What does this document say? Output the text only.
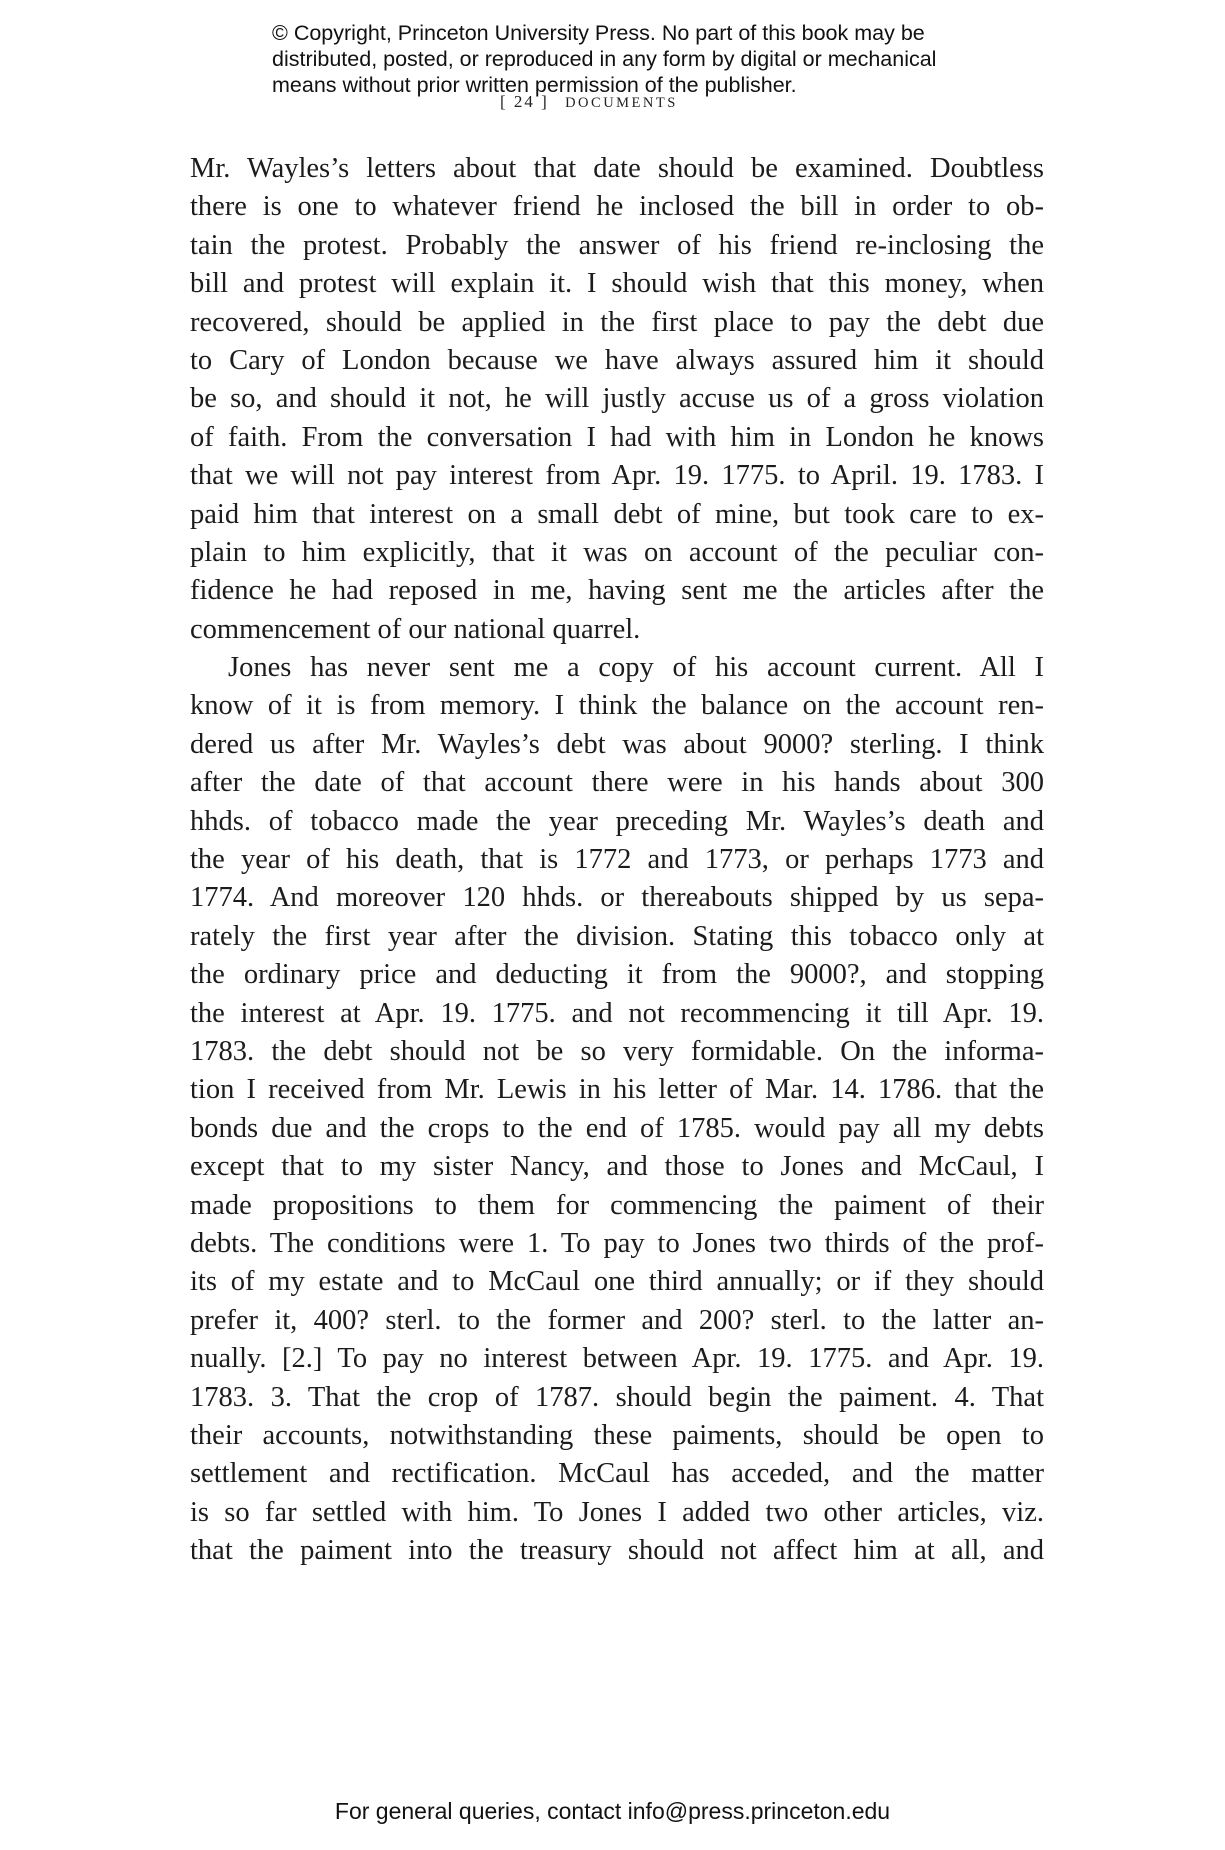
© Copyright, Princeton University Press. No part of this book may be
distributed, posted, or reproduced in any form by digital or mechanical
means without prior written permission of the publisher.
[ 24 ] DOCUMENTS
Mr. Wayles’s letters about that date should be examined. Doubtless
there is one to whatever friend he inclosed the bill in order to ob-
tain the protest. Probably the answer of his friend re-inclosing the
bill and protest will explain it. I should wish that this money, when
recovered, should be applied in the first place to pay the debt due
to Cary of London because we have always assured him it should
be so, and should it not, he will justly accuse us of a gross violation
of faith. From the conversation I had with him in London he knows
that we will not pay interest from Apr. 19. 1775. to April. 19. 1783. I
paid him that interest on a small debt of mine, but took care to ex-
plain to him explicitly, that it was on account of the peculiar con-
fidence he had reposed in me, having sent me the articles after the
commencement of our national quarrel.
Jones has never sent me a copy of his account current. All I
know of it is from memory. I think the balance on the account ren-
dered us after Mr. Wayles’s debt was about 9000? sterling. I think
after the date of that account there were in his hands about 300
hhds. of tobacco made the year preceding Mr. Wayles’s death and
the year of his death, that is 1772 and 1773, or perhaps 1773 and
1774. And moreover 120 hhds. or thereabouts shipped by us sepa-
rately the first year after the division. Stating this tobacco only at
the ordinary price and deducting it from the 9000?, and stopping
the interest at Apr. 19. 1775. and not recommencing it till Apr. 19.
1783. the debt should not be so very formidable. On the informa-
tion I received from Mr. Lewis in his letter of Mar. 14. 1786. that the
bonds due and the crops to the end of 1785. would pay all my debts
except that to my sister Nancy, and those to Jones and McCaul, I
made propositions to them for commencing the paiment of their
debts. The conditions were 1. To pay to Jones two thirds of the prof-
its of my estate and to McCaul one third annually; or if they should
prefer it, 400? sterl. to the former and 200? sterl. to the latter an-
nually. [2.] To pay no interest between Apr. 19. 1775. and Apr. 19.
1783. 3. That the crop of 1787. should begin the paiment. 4. That
their accounts, notwithstanding these paiments, should be open to
settlement and rectification. McCaul has acceded, and the matter
is so far settled with him. To Jones I added two other articles, viz.
that the paiment into the treasury should not affect him at all, and
For general queries, contact info@press.princeton.edu
